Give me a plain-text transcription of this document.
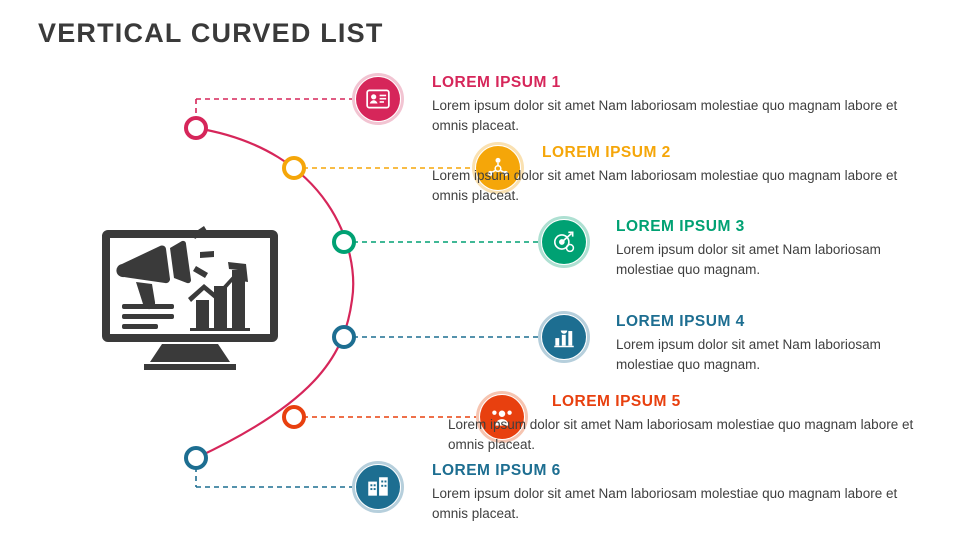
VERTICAL CURVED LIST
LOREM IPSUM 1
Lorem ipsum dolor sit amet Nam laboriosam molestiae quo magnam labore et omnis placeat.
LOREM IPSUM 2
Lorem ipsum dolor sit amet Nam laboriosam molestiae quo magnam labore et omnis placeat.
LOREM IPSUM 3
Lorem ipsum dolor sit amet Nam laboriosam molestiae quo magnam.
LOREM IPSUM 4
Lorem ipsum dolor sit amet Nam laboriosam molestiae quo magnam.
LOREM IPSUM 5
Lorem ipsum dolor sit amet Nam laboriosam molestiae quo magnam labore et omnis placeat.
LOREM IPSUM 6
Lorem ipsum dolor sit amet Nam laboriosam molestiae quo magnam labore et omnis placeat.
